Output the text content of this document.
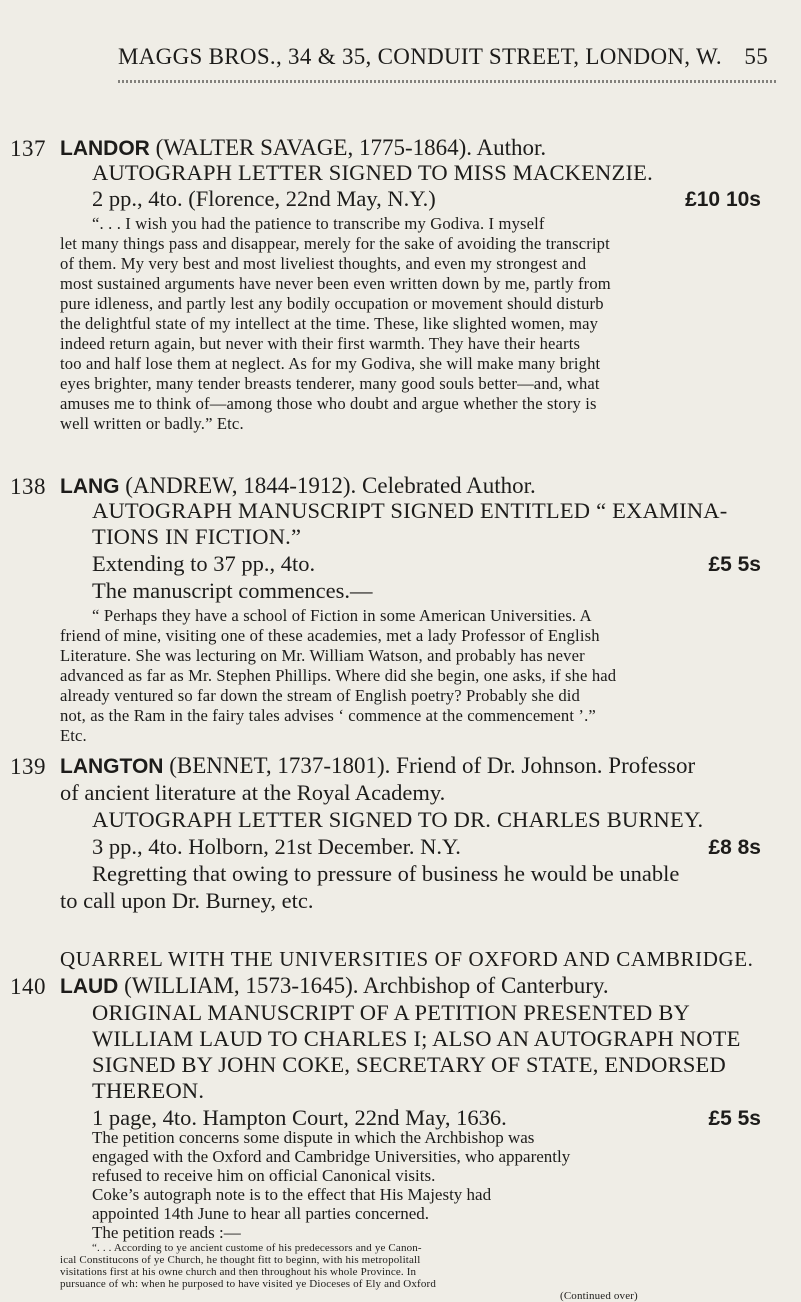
MAGGS BROS., 34 & 35, CONDUIT STREET, LONDON, W. 55
137 LANDOR (WALTER SAVAGE, 1775-1864). Author.
AUTOGRAPH LETTER SIGNED TO MISS MACKENZIE.
2 pp., 4to. (Florence, 22nd May, N.Y.)	£10 10s
“. . . I wish you had the patience to transcribe my Godiva. I myself
let many things pass and disappear, merely for the sake of avoiding the transcript
of them. My very best and most liveliest thoughts, and even my strongest and
most sustained arguments have never been even written down by me, partly from
pure idleness, and partly lest any bodily occupation or movement should disturb
the delightful state of my intellect at the time. These, like slighted women, may
indeed return again, but never with their first warmth. They have their hearts
too and half lose them at neglect. As for my Godiva, she will make many bright
eyes brighter, many tender breasts tenderer, many good souls better—and, what
amuses me to think of—among those who doubt and argue whether the story is
well written or badly.” Etc.
138 LANG (ANDREW, 1844-1912). Celebrated Author.
AUTOGRAPH MANUSCRIPT SIGNED ENTITLED “ EXAMINA-
TIONS IN FICTION.”
Extending to 37 pp., 4to.	£5 5s
The manuscript commences.—
“ Perhaps they have a school of Fiction in some American Universities. A
friend of mine, visiting one of these academies, met a lady Professor of English
Literature. She was lecturing on Mr. William Watson, and probably has never
advanced as far as Mr. Stephen Phillips. Where did she begin, one asks, if she had
already ventured so far down the stream of English poetry? Probably she did
not, as the Ram in the fairy tales advises ‘ commence at the commencement ’.”
Etc.
139 LANGTON (BENNET, 1737-1801). Friend of Dr. Johnson. Professor
of ancient literature at the Royal Academy.
AUTOGRAPH LETTER SIGNED TO DR. CHARLES BURNEY.
3 pp., 4to. Holborn, 21st December. N.Y.	£8 8s
Regretting that owing to pressure of business he would be unable
to call upon Dr. Burney, etc.
QUARREL WITH THE UNIVERSITIES OF OXFORD AND CAMBRIDGE.
140 LAUD (WILLIAM, 1573-1645). Archbishop of Canterbury.
ORIGINAL MANUSCRIPT OF A PETITION PRESENTED BY
WILLIAM LAUD TO CHARLES I; ALSO AN AUTOGRAPH NOTE
SIGNED BY JOHN COKE, SECRETARY OF STATE, ENDORSED
THEREON.
1 page, 4to. Hampton Court, 22nd May, 1636.	£5 5s
The petition concerns some dispute in which the Archbishop was
engaged with the Oxford and Cambridge Universities, who apparently
refused to receive him on official Canonical visits.
Coke’s autograph note is to the effect that His Majesty had
appointed 14th June to hear all parties concerned.
The petition reads :—
“. . . According to ye ancient custome of his predecessors and ye Canon-
ical Constitucons of ye Church, he thought fitt to beginn, with his metropolitall
visitations first at his owne church and then throughout his whole Province. In
pursuance of wh: when he purposed to have visited ye Dioceses of Ely and Oxford
(Continued over)
